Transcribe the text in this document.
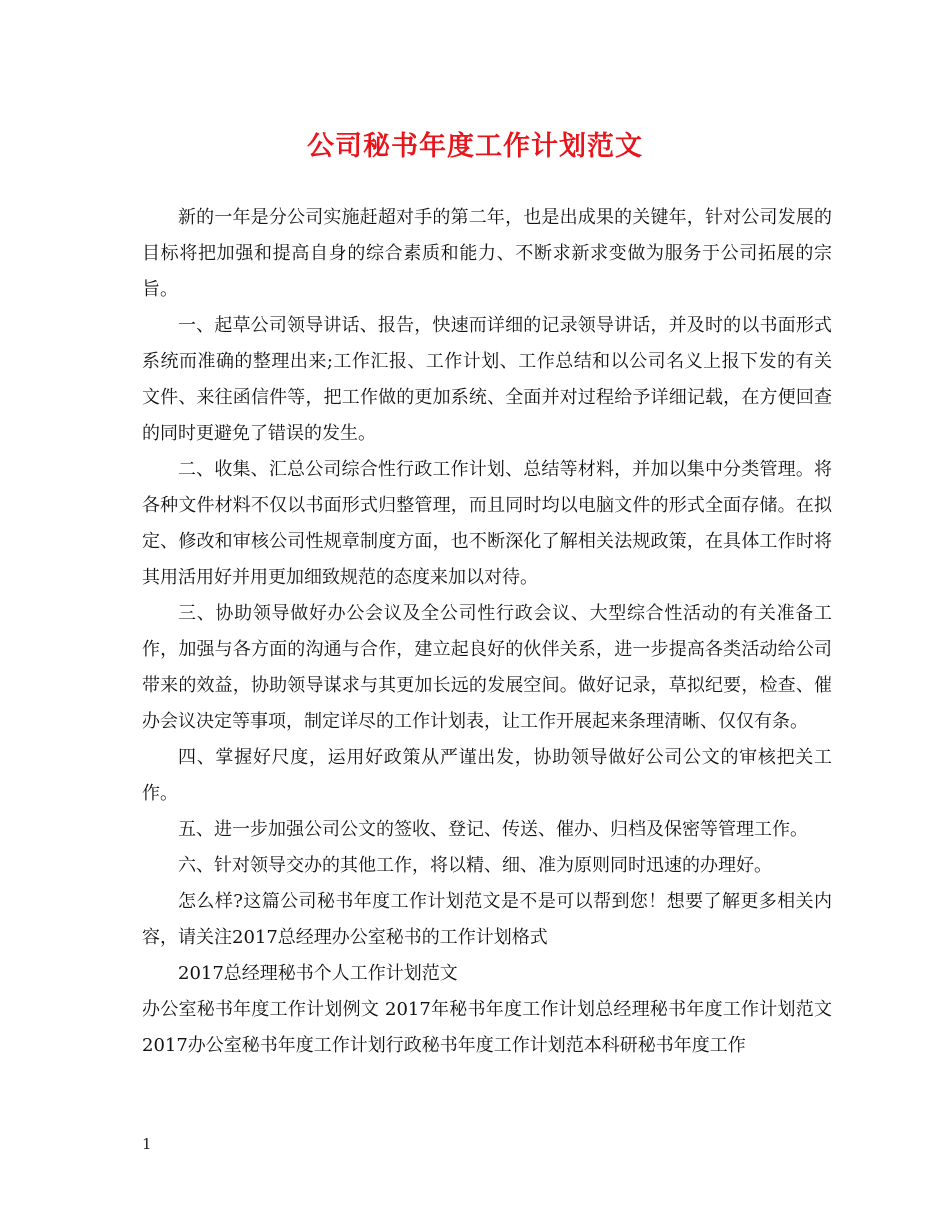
公司秘书年度工作计划范文

新的一年是分公司实施赶超对手的第二年，也是出成果的关键年，针对公司发展的目标将把加强和提高自身的综合素质和能力、不断求新求变做为服务于公司拓展的宗旨。

一、起草公司领导讲话、报告，快速而详细的记录领导讲话，并及时的以书面形式系统而准确的整理出来;工作汇报、工作计划、工作总结和以公司名义上报下发的有关文件、来往函信件等，把工作做的更加系统、全面并对过程给予详细记载，在方便回查的同时更避免了错误的发生。

二、收集、汇总公司综合性行政工作计划、总结等材料，并加以集中分类管理。将各种文件材料不仅以书面形式归整管理，而且同时均以电脑文件的形式全面存储。在拟定、修改和审核公司性规章制度方面，也不断深化了解相关法规政策，在具体工作时将其用活用好并用更加细致规范的态度来加以对待。

三、协助领导做好办公会议及全公司性行政会议、大型综合性活动的有关准备工作，加强与各方面的沟通与合作，建立起良好的伙伴关系，进一步提高各类活动给公司带来的效益，协助领导谋求与其更加长远的发展空间。做好记录，草拟纪要，检查、催办会议决定等事项，制定详尽的工作计划表，让工作开展起来条理清晰、仅仅有条。

四、掌握好尺度，运用好政策从严谨出发，协助领导做好公司公文的审核把关工作。

五、进一步加强公司公文的签收、登记、传送、催办、归档及保密等管理工作。

六、针对领导交办的其他工作，将以精、细、准为原则同时迅速的办理好。

怎么样?这篇公司秘书年度工作计划范文是不是可以帮到您！想要了解更多相关内容，请关注2017总经理办公室秘书的工作计划格式

2017总经理秘书个人工作计划范文

办公室秘书年度工作计划例文 2017年秘书年度工作计划总经理秘书年度工作计划范文 2017办公室秘书年度工作计划行政秘书年度工作计划范本科研秘书年度工作

1
